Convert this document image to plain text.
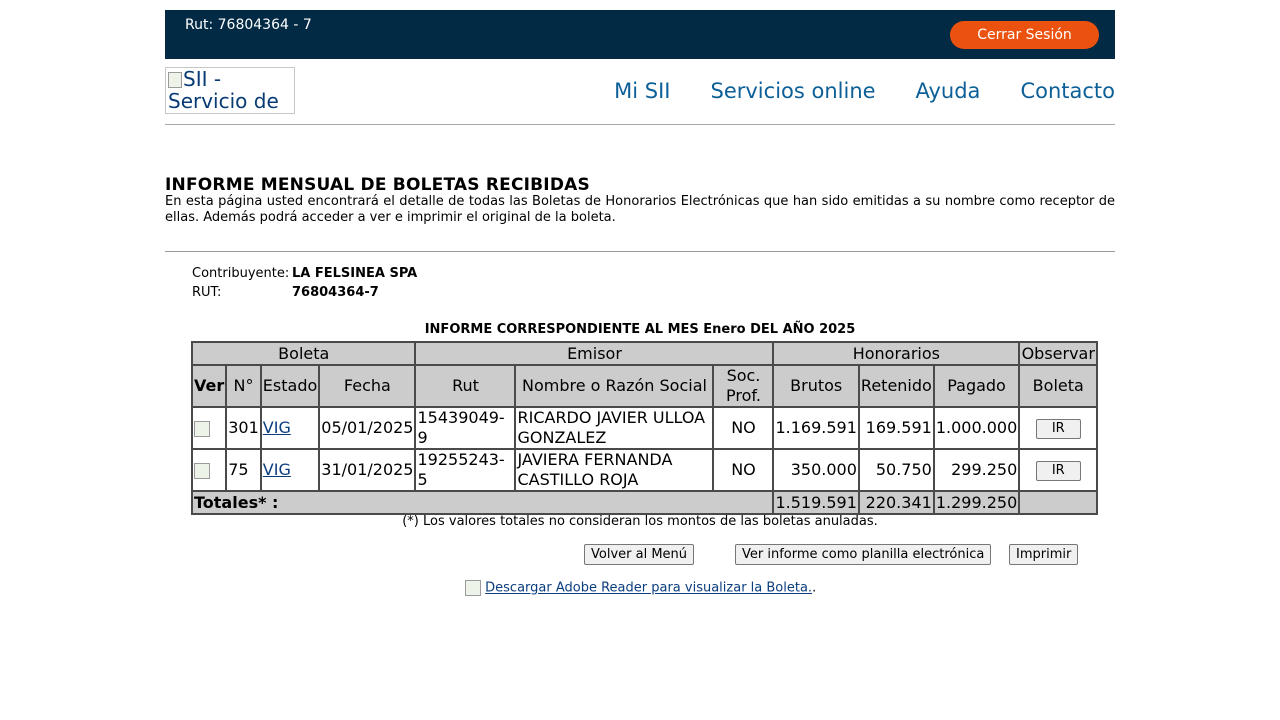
Rut: 76804364 - 7
Cerrar Sesión
SII - Servicio de	Mi SII Servicios online Ayuda Contacto
INFORME MENSUAL DE BOLETAS RECIBIDAS

En esta página usted encontrará el detalle de todas las Boletas de Honorarios Electrónicas que han sido emitidas a su nombre como receptor de ellas. Además podrá acceder a ver e imprimir el original de la boleta.

Contribuyente: LA FELSINEA SPA
RUT:	76804364-7
INFORME CORRESPONDIENTE AL MES Enero DEL AÑO 2025
Boleta				Emisor			Honorarios			Observar
Ver	N°	Estado	Fecha	Rut	Nombre o Razón Social	Soc. Prof.	Brutos	Retenido	Pagado	Boleta
	301	VIG	05/01/2025	15439049-9	RICARDO JAVIER ULLOA GONZALEZ	NO	1.169.591	169.591	1.000.000	IR
	75	VIG	31/01/2025	19255243-5	JAVIERA FERNANDA CASTILLO ROJA	NO	350.000	50.750	299.250	IR
Totales* :							1.519.591	220.341	1.299.250	
(*) Los valores totales no consideran los montos de las boletas anuladas.
Volver al Menú	Ver informe como planilla electrónica	Imprimir
Descargar Adobe Reader para visualizar la Boleta..
